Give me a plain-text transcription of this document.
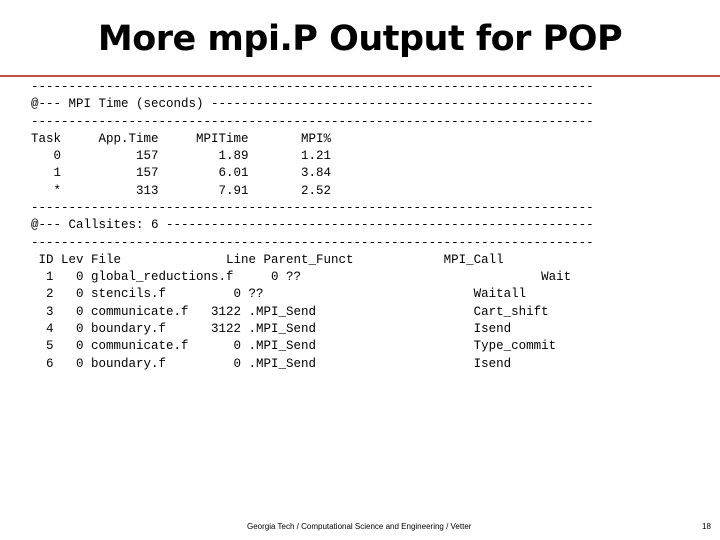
More mpi.P Output for POP
---------------------------------------------------------------------------
@--- MPI Time (seconds) ---------------------------------------------------
---------------------------------------------------------------------------
Task     App.Time     MPITime       MPI%
0          157        1.89       1.21
1          157        6.01       3.84
*          313        7.91       2.52
---------------------------------------------------------------------------
@--- Callsites: 6 ---------------------------------------------------------
---------------------------------------------------------------------------
ID Lev File              Line Parent_Funct            MPI_Call
1   0 global_reductions.f     0 ??                                Wait
2   0 stencils.f         0 ??                            Waitall
3   0 communicate.f   3122 .MPI_Send                     Cart_shift
4   0 boundary.f      3122 .MPI_Send                     Isend
5   0 communicate.f      0 .MPI_Send                     Type_commit
6   0 boundary.f         0 .MPI_Send                     Isend
Georgia Tech / Computational Science and Engineering / Vetter	18
